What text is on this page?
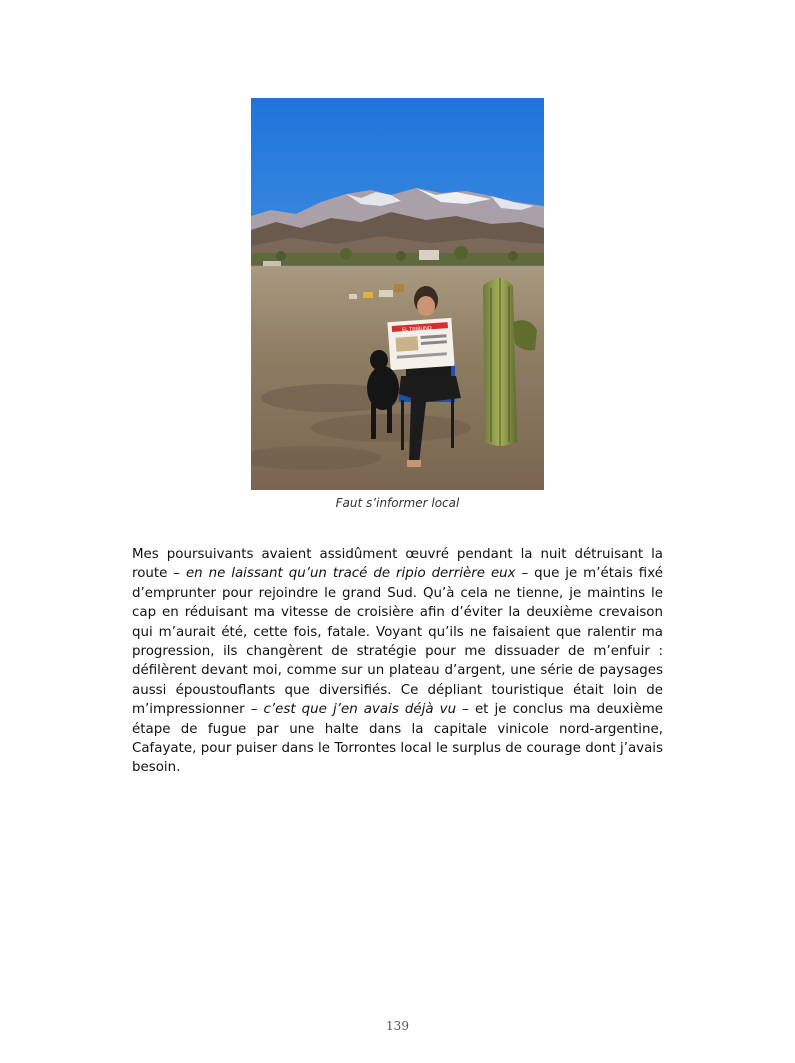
EL TRIBUNO
Faut s’informer local

Mes poursuivants avaient assidûment œuvré pendant la nuit détruisant la route – en ne laissant qu’un tracé de ripio derrière eux – que je m’étais fixé d’emprunter pour rejoindre le grand Sud. Qu’à cela ne tienne, je maintins le cap en réduisant ma vitesse de croisière afin d’éviter la deuxième crevaison qui m’aurait été, cette fois, fatale. Voyant qu’ils ne faisaient que ralentir ma progression, ils changèrent de stratégie pour me dissuader de m’enfuir : défilèrent devant moi, comme sur un plateau d’argent, une série de paysages aussi époustouflants que diversifiés. Ce dépliant touristique était loin de m’impressionner – c’est que j’en avais déjà vu – et je conclus ma deuxième étape de fugue par une halte dans la capitale vinicole nord-argentine, Cafayate, pour puiser dans le Torrontes local le surplus de courage dont j’avais besoin.

139
